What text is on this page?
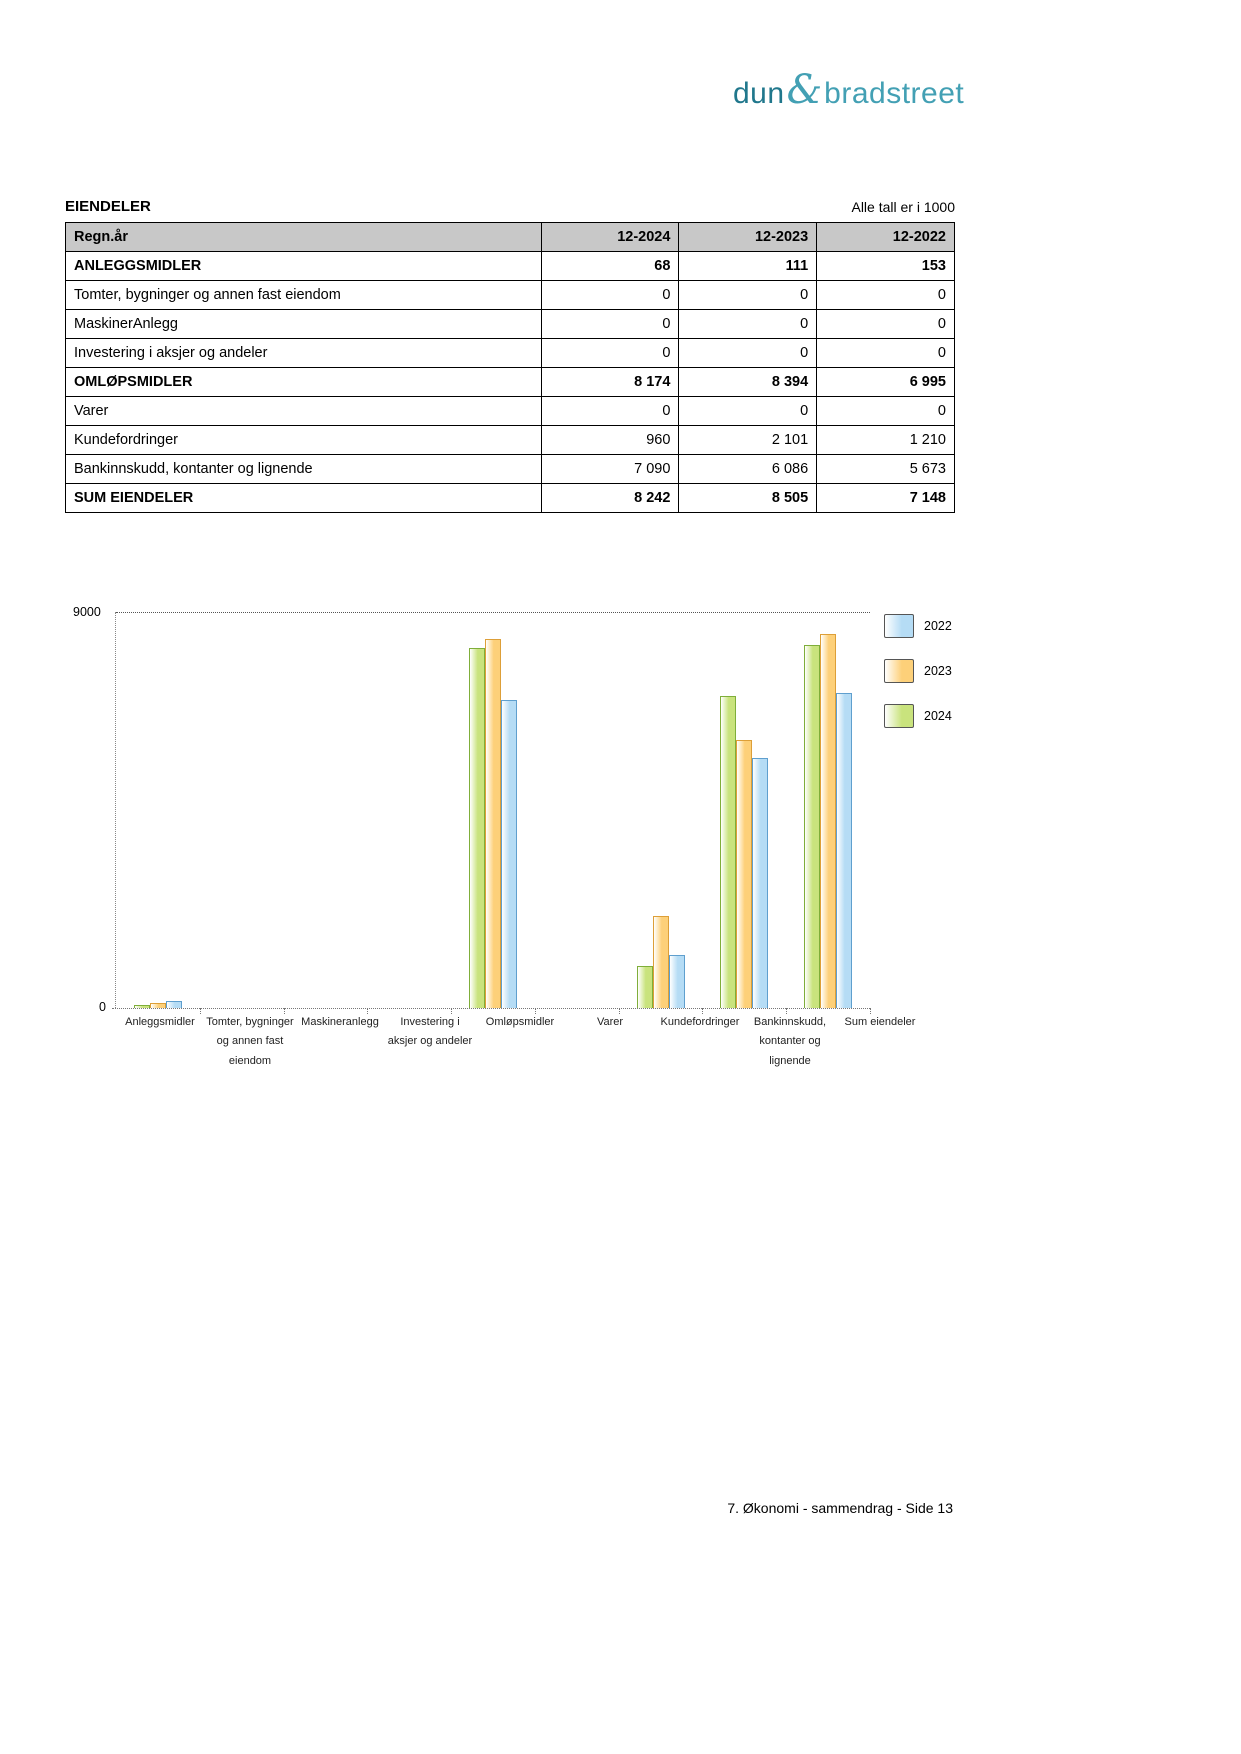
dun & bradstreet
EIENDELER	Alle tall er i 1000
Regn.år	12-2024	12-2023	12-2022
ANLEGGSMIDLER	68	111	153
Tomter, bygninger og annen fast eiendom	0	0	0
MaskinerAnlegg	0	0	0
Investering i aksjer og andeler	0	0	0
OMLØPSMIDLER	8 174	8 394	6 995
Varer	0	0	0
Kundefordringer	960	2 101	1 210
Bankinnskudd, kontanter og lignende	7 090	6 086	5 673
SUM EIENDELER	8 242	8 505	7 148
9000
0
Anleggsmidler	Tomter, bygninger og annen fast eiendom
Maskineranlegg	Investering i aksjer og andeler
Omløpsmidler	Varer	Kundefordringer	Bankinnskudd, kontanter og lignende
Sum eiendeler
2022
2023
2024
7. Økonomi - sammendrag - Side 13
